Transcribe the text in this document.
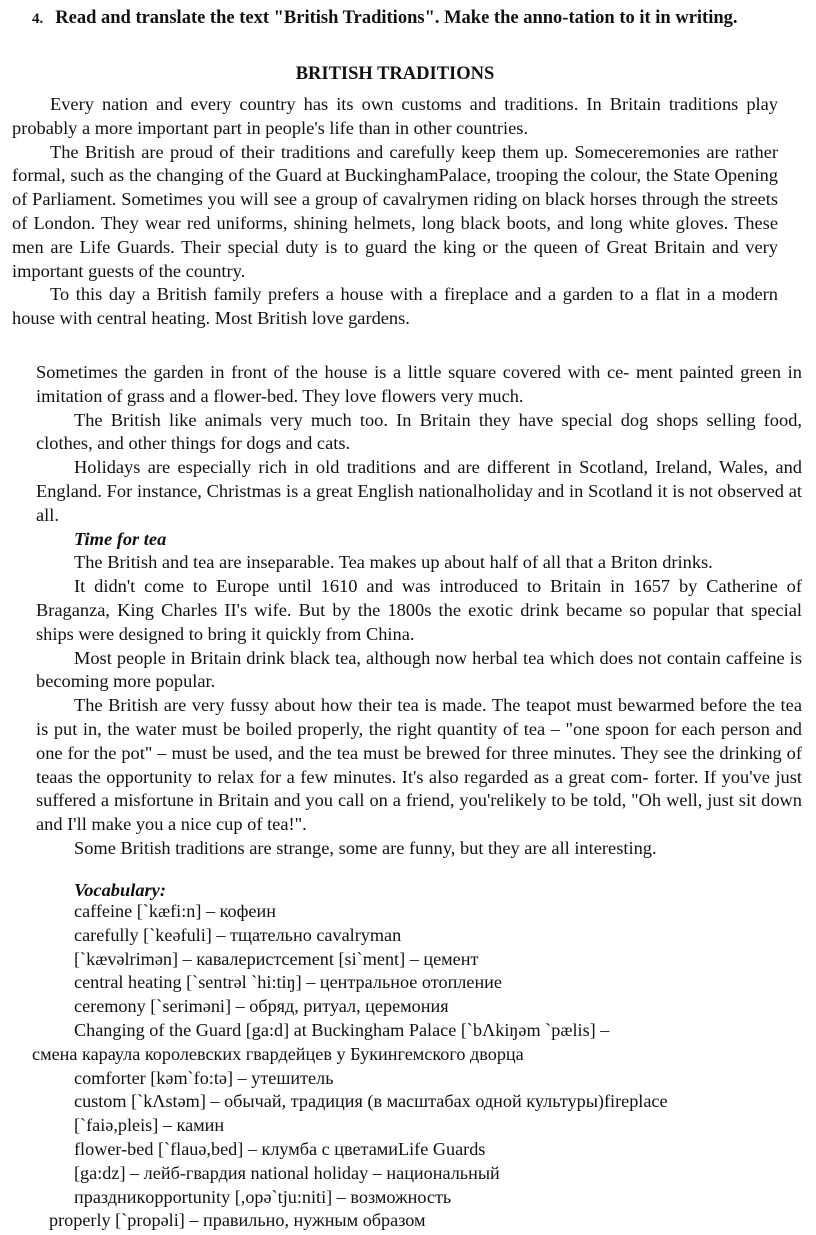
4. Read and translate the text "British Traditions". Make the anno-tation to it in writing.
BRITISH TRADITIONS

Every nation and every country has its own customs and traditions. In Britain traditions play probably a more important part in people's life than in other countries.

The British are proud of their traditions and carefully keep them up. Someceremonies are rather formal, such as the changing of the Guard at BuckinghamPalace, trooping the colour, the State Opening of Parliament. Sometimes you will see a group of cavalrymen riding on black horses through the streets of London. They wear red uniforms, shining helmets, long black boots, and long white gloves. These men are Life Guards. Their special duty is to guard the king or the queen of Great Britain and very important guests of the country.

To this day a British family prefers a house with a fireplace and a garden to a flat in a modern house with central heating. Most British love gardens.

Sometimes the garden in front of the house is a little square covered with ce- ment painted green in imitation of grass and a flower-bed. They love flowers very much.

The British like animals very much too. In Britain they have special dog shops selling food, clothes, and other things for dogs and cats.

Holidays are especially rich in old traditions and are different in Scotland, Ireland, Wales, and England. For instance, Christmas is a great English nationalholiday and in Scotland it is not observed at all.

Time for tea

The British and tea are inseparable. Tea makes up about half of all that a Briton drinks.

It didn't come to Europe until 1610 and was introduced to Britain in 1657 by Catherine of Braganza, King Charles II's wife. But by the 1800s the exotic drink became so popular that special ships were designed to bring it quickly from China.

Most people in Britain drink black tea, although now herbal tea which does not contain caffeine is becoming more popular.

The British are very fussy about how their tea is made. The teapot must bewarmed before the tea is put in, the water must be boiled properly, the right quantity of tea – "one spoon for each person and one for the pot" – must be used, and the tea must be brewed for three minutes. They see the drinking of teaas the opportunity to relax for a few minutes. It's also regarded as a great com- forter. If you've just suffered a misfortune in Britain and you call on a friend, you'relikely to be told, "Oh well, just sit down and I'll make you a nice cup of tea!".

Some British traditions are strange, some are funny, but they are all interesting.

Vocabulary:
caffeine [`kæfi:n] – кофеин
carefully [`keəfuli] – тщательно cavalryman
[`kævəlrimən] – кавалеристcement [si`ment] – цемент
central heating [`sentrəl `hi:tiŋ] – центральное отопление
ceremony [`seriməni] – обряд, ритуал, церемония
Changing of the Guard [ga:d] at Buckingham Palace [`bΛkiŋəm `pælis] –
смена караула королевских гвардейцев у Букингемского дворца
comforter [kəm`fo:tə] – утешитель
custom [`kΛstəm] – обычай, традиция (в масштабах одной культуры)fireplace
[`faiə,pleis] – камин
flower-bed [`flauə,bed] – клумба с цветамиLife Guards
[ga:dz] – лейб-гвардия national holiday – национальный
праздникopportunity [,opə`tju:niti] – возможность
properly [`propəli] – правильно, нужным образом
